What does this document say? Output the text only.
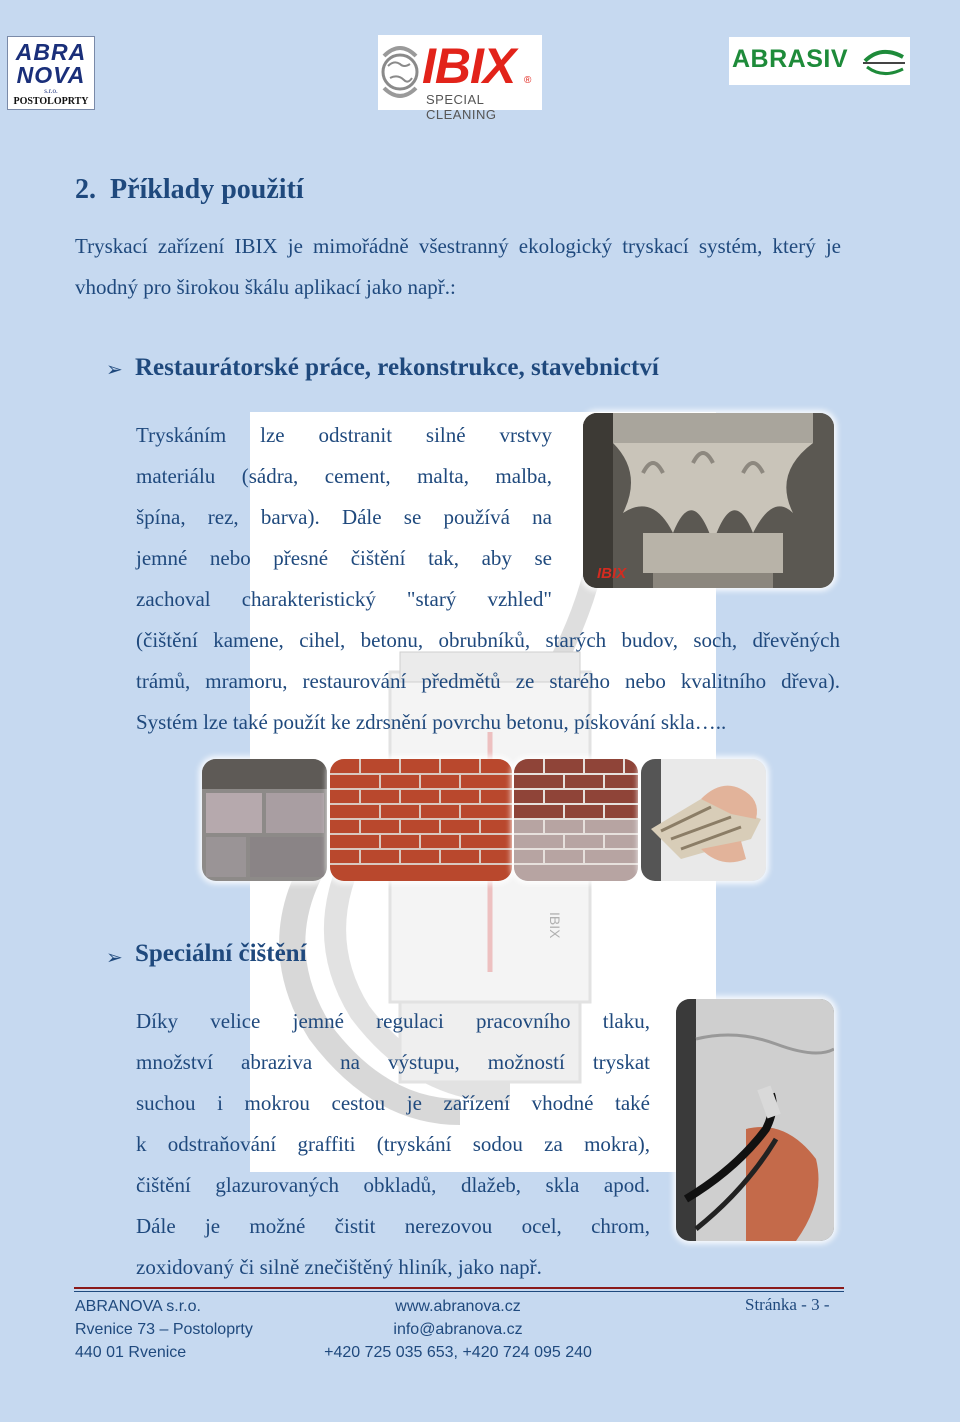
IBIX
ABRA
NOVA
s.r.o.
POSTOLOPRTY
IBIX ®
SPECIAL CLEANING
ABRASIV
2.  Příklady použití
Tryskací zařízení IBIX je mimořádně všestranný ekologický tryskací systém, který je vhodný pro širokou škálu aplikací jako např.:
➢ Restaurátorské práce, rekonstrukce, stavebnictví
Tryskáním lze odstranit silné vrstvy
materiálu (sádra, cement, malta, malba,
špína, rez, barva). Dále se používá na
jemné nebo přesné čištění tak, aby se
zachoval charakteristický "starý vzhled"
(čištění kamene, cihel, betonu, obrubníků, starých budov, soch, dřevěných
trámů, mramoru, restaurování předmětů ze starého nebo kvalitního dřeva).
Systém lze také použít ke zdrsnění povrchu betonu, pískování skla…..
IBIX
➢ Speciální čištění
Díky velice jemné regulaci pracovního tlaku,
množství abraziva na výstupu, možností tryskat
suchou i mokrou cestou je zařízení vhodné také
k odstraňování graffiti (tryskání sodou za mokra),
čištění glazurovaných obkladů, dlažeb, skla apod.
Dále je možné čistit nerezovou ocel, chrom,
zoxidovaný či silně znečištěný hliník, jako např.
ABRANOVA s.r.o.
Rvenice 73 – Postoloprty
440 01 Rvenice
www.abranova.cz
info@abranova.cz
+420 725 035 653, +420 724 095 240
Stránka - 3 -
